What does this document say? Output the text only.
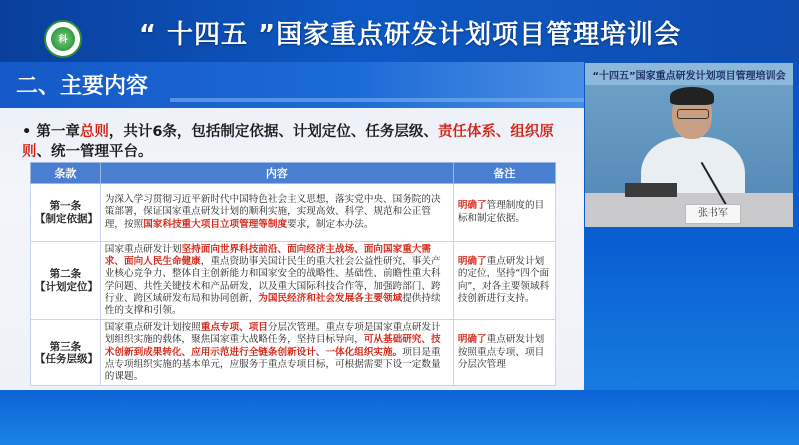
科	“ 十四五 ”国家重点研发计划项目管理培训会
二、主要内容
• 第一章总则，共计6条，包括制定依据、计划定位、任务层级、责任体系、组织原则、统一管理平台。
条款	内容	备注

第一条
【制定依据】	为深入学习贯彻习近平新时代中国特色社会主义思想，落实党中央、国务院的决策部署，保证国家重点研发计划的顺利实施，实现高效、科学、规范和公正管理，按照国家科技重大项目立项管理等制度要求，制定本办法。	明确了管理制度的目标和制定依据。

第二条
【计划定位】	国家重点研发计划坚持面向世界科技前沿、面向经济主战场、面向国家重大需求、面向人民生命健康，重点资助事关国计民生的重大社会公益性研究，事关产业核心竞争力、整体自主创新能力和国家安全的战略性、基础性、前瞻性重大科学问题、共性关键技术和产品研发，以及重大国际科技合作等，加强跨部门、跨行业、跨区域研发布局和协同创新，为国民经济和社会发展各主要领域提供持续性的支撑和引领。	明确了重点研发计划的定位，坚持“四个面向”，对各主要领域科技创新进行支持。

第三条
【任务层级】	国家重点研发计划按照重点专项、项目分层次管理。重点专项是国家重点研发计划组织实施的载体，聚焦国家重大战略任务，坚持目标导向，可从基础研究、技术创新到成果转化、应用示范进行全链条创新设计、一体化组织实施。项目是重点专项组织实施的基本单元，应服务于重点专项目标，可根据需要下设一定数量的课题。	明确了重点研发计划按照重点专项、项目分层次管理
“十四五”国家重点研发计划项目管理培训会
张书军
